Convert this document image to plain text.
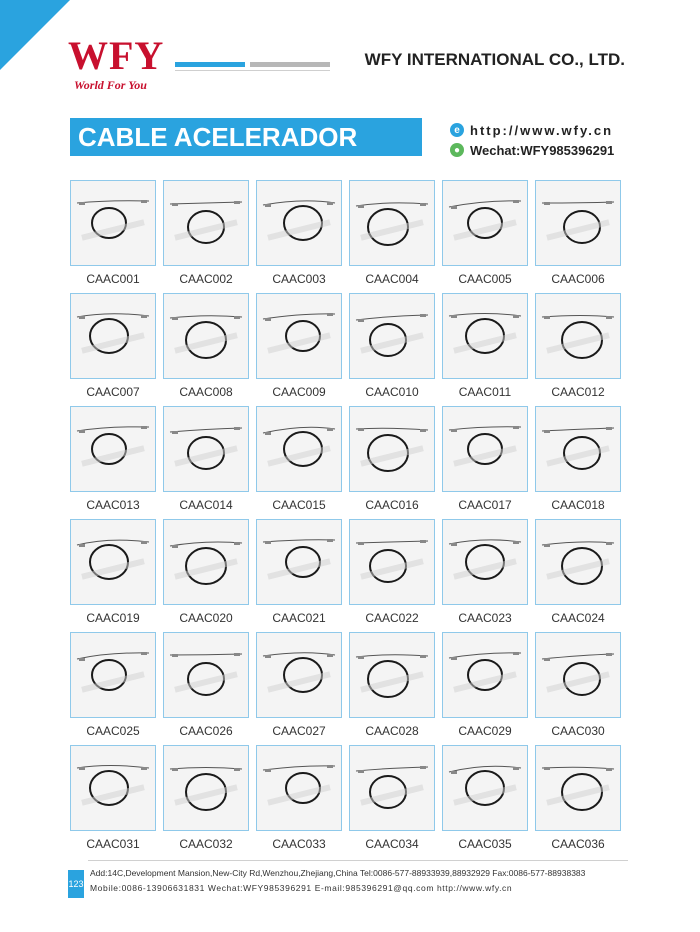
WFY
World For You
WFY INTERNATIONAL CO., LTD.
CABLE ACELERADOR	e http://www.wfy.cn
● Wechat:WFY985396291
CAAC001	CAAC002	CAAC003	CAAC004	CAAC005	CAAC006
CAAC007	CAAC008	CAAC009	CAAC010	CAAC011	CAAC012
CAAC013	CAAC014	CAAC015	CAAC016	CAAC017	CAAC018
CAAC019	CAAC020	CAAC021	CAAC022	CAAC023	CAAC024
CAAC025	CAAC026	CAAC027	CAAC028	CAAC029	CAAC030
CAAC031	CAAC032	CAAC033	CAAC034	CAAC035	CAAC036
123
Add:14C,Development Mansion,New-City Rd,Wenzhou,Zhejiang,China Tel:0086-577-88933939,88932929 Fax:0086-577-88938383
Mobile:0086-13906631831 Wechat:WFY985396291 E-mail:985396291@qq.com http://www.wfy.cn
